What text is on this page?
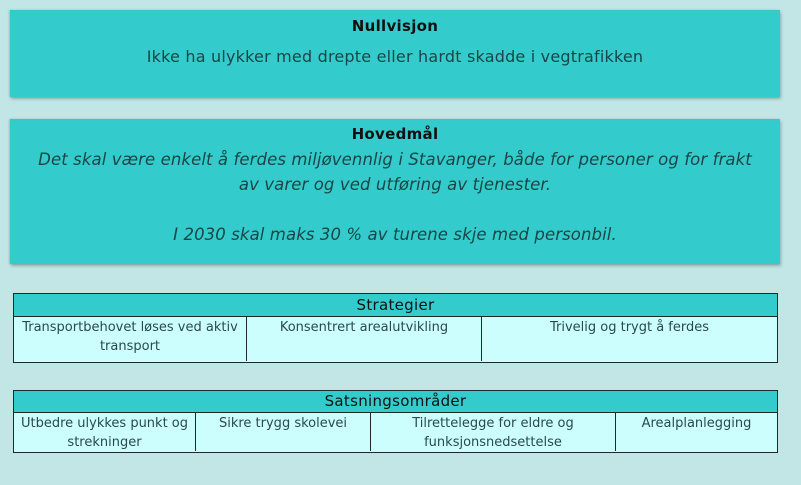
Nullvisjon
Ikke ha ulykker med drepte eller hardt skadde i vegtrafikken
Hovedmål
Det skal være enkelt å ferdes miljøvennlig i Stavanger, både for personer og for frakt
av varer og ved utføring av tjenester.
I 2030 skal maks 30 % av turene skje med personbil.
Strategier
Transportbehovet løses ved aktiv transport
Konsentrert arealutvikling	Trivelig og trygt å ferdes
Satsningsområder
Utbedre ulykkes punkt og strekninger
Sikre trygg skolevei	Tilrettelegge for eldre og funksjonsnedsettelse
Arealplanlegging
